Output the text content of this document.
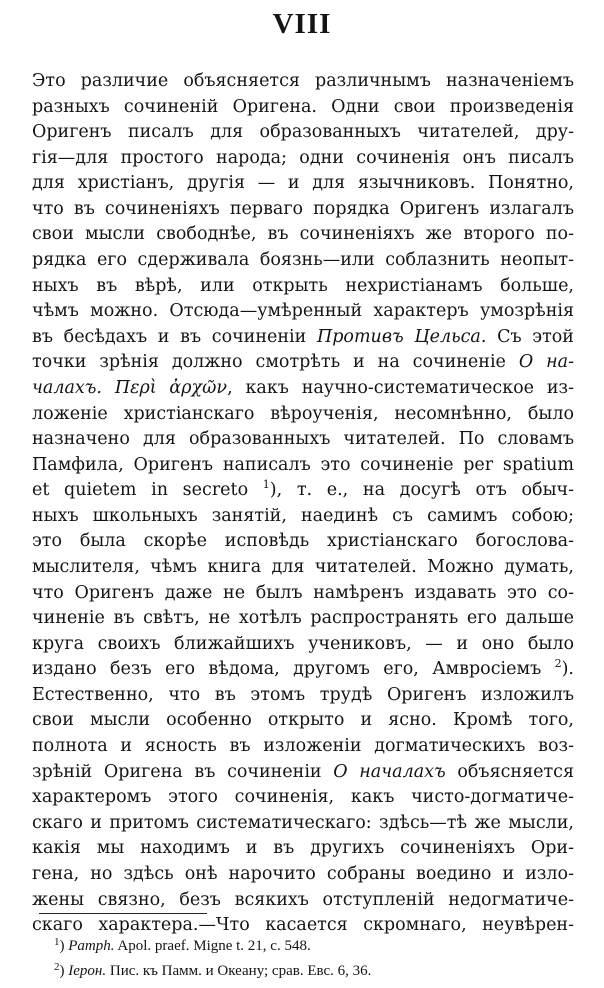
VIII
Это различие объясняется различнымъ назначеніемъ
разныхъ сочиненій Оригена. Одни свои произведенія
Оригенъ писалъ для образованныхъ читателей, дру-
гія—для простого народа; одни сочиненія онъ писалъ
для христіанъ, другія — и для язычниковъ. Понятно,
что въ сочиненіяхъ перваго порядка Оригенъ излагалъ
свои мысли свободнѣе, въ сочиненіяхъ же второго по-
рядка его сдерживала боязнь—или соблазнить неопыт-
ныхъ въ вѣрѣ, или открыть нехристіанамъ больше,
чѣмъ можно. Отсюда—умѣренный характеръ умозрѣнія
въ бесѣдахъ и въ сочиненіи Противъ Цельса. Съ этой
точки зрѣнія должно смотрѣть и на сочиненіе О на-
чалахъ. Περὶ ἀρχῶν, какъ научно-систематическое из-
ложеніе христіанскаго вѣроученія, несомнѣнно, было
назначено для образованныхъ читателей. По словамъ
Памфила, Оригенъ написалъ это сочиненіе per spatium
et quietem in secreto $^1$), т. е., на досугѣ отъ обыч-
ныхъ школьныхъ занятій, наединѣ съ самимъ собою;
это была скорѣе исповѣдь христіанскаго богослова-
мыслителя, чѣмъ книга для читателей. Можно думать,
что Оригенъ даже не былъ намѣренъ издавать это со-
чиненіе въ свѣтъ, не хотѣлъ распространять его дальше
круга своихъ ближайшихъ учениковъ, — и оно было
издано безъ его вѣдома, другомъ его, Амвросіемъ $^2$).
Естественно, что въ этомъ трудѣ Оригенъ изложилъ
свои мысли особенно открыто и ясно. Кромѣ того,
полнота и ясность въ изложеніи догматическихъ воз-
зрѣній Оригена въ сочиненіи О началахъ объясняется
характеромъ этого сочиненія, какъ чисто-догматиче-
скаго и притомъ систематическаго: здѣсь—тѣ же мысли,
какія мы находимъ и въ другихъ сочиненіяхъ Ори-
гена, но здѣсь онѣ нарочито собраны воедино и изло-
жены связно, безъ всякихъ отступленій недогматиче-
скаго характера.—Что касается скромнаго, неувѣрен-
$^1$) Pamph. Apol. praef. Migne t. 21, c. 548.
$^2$) Іерон. Пис. къ Памм. и Океану; срав. Евс. 6, 36.
